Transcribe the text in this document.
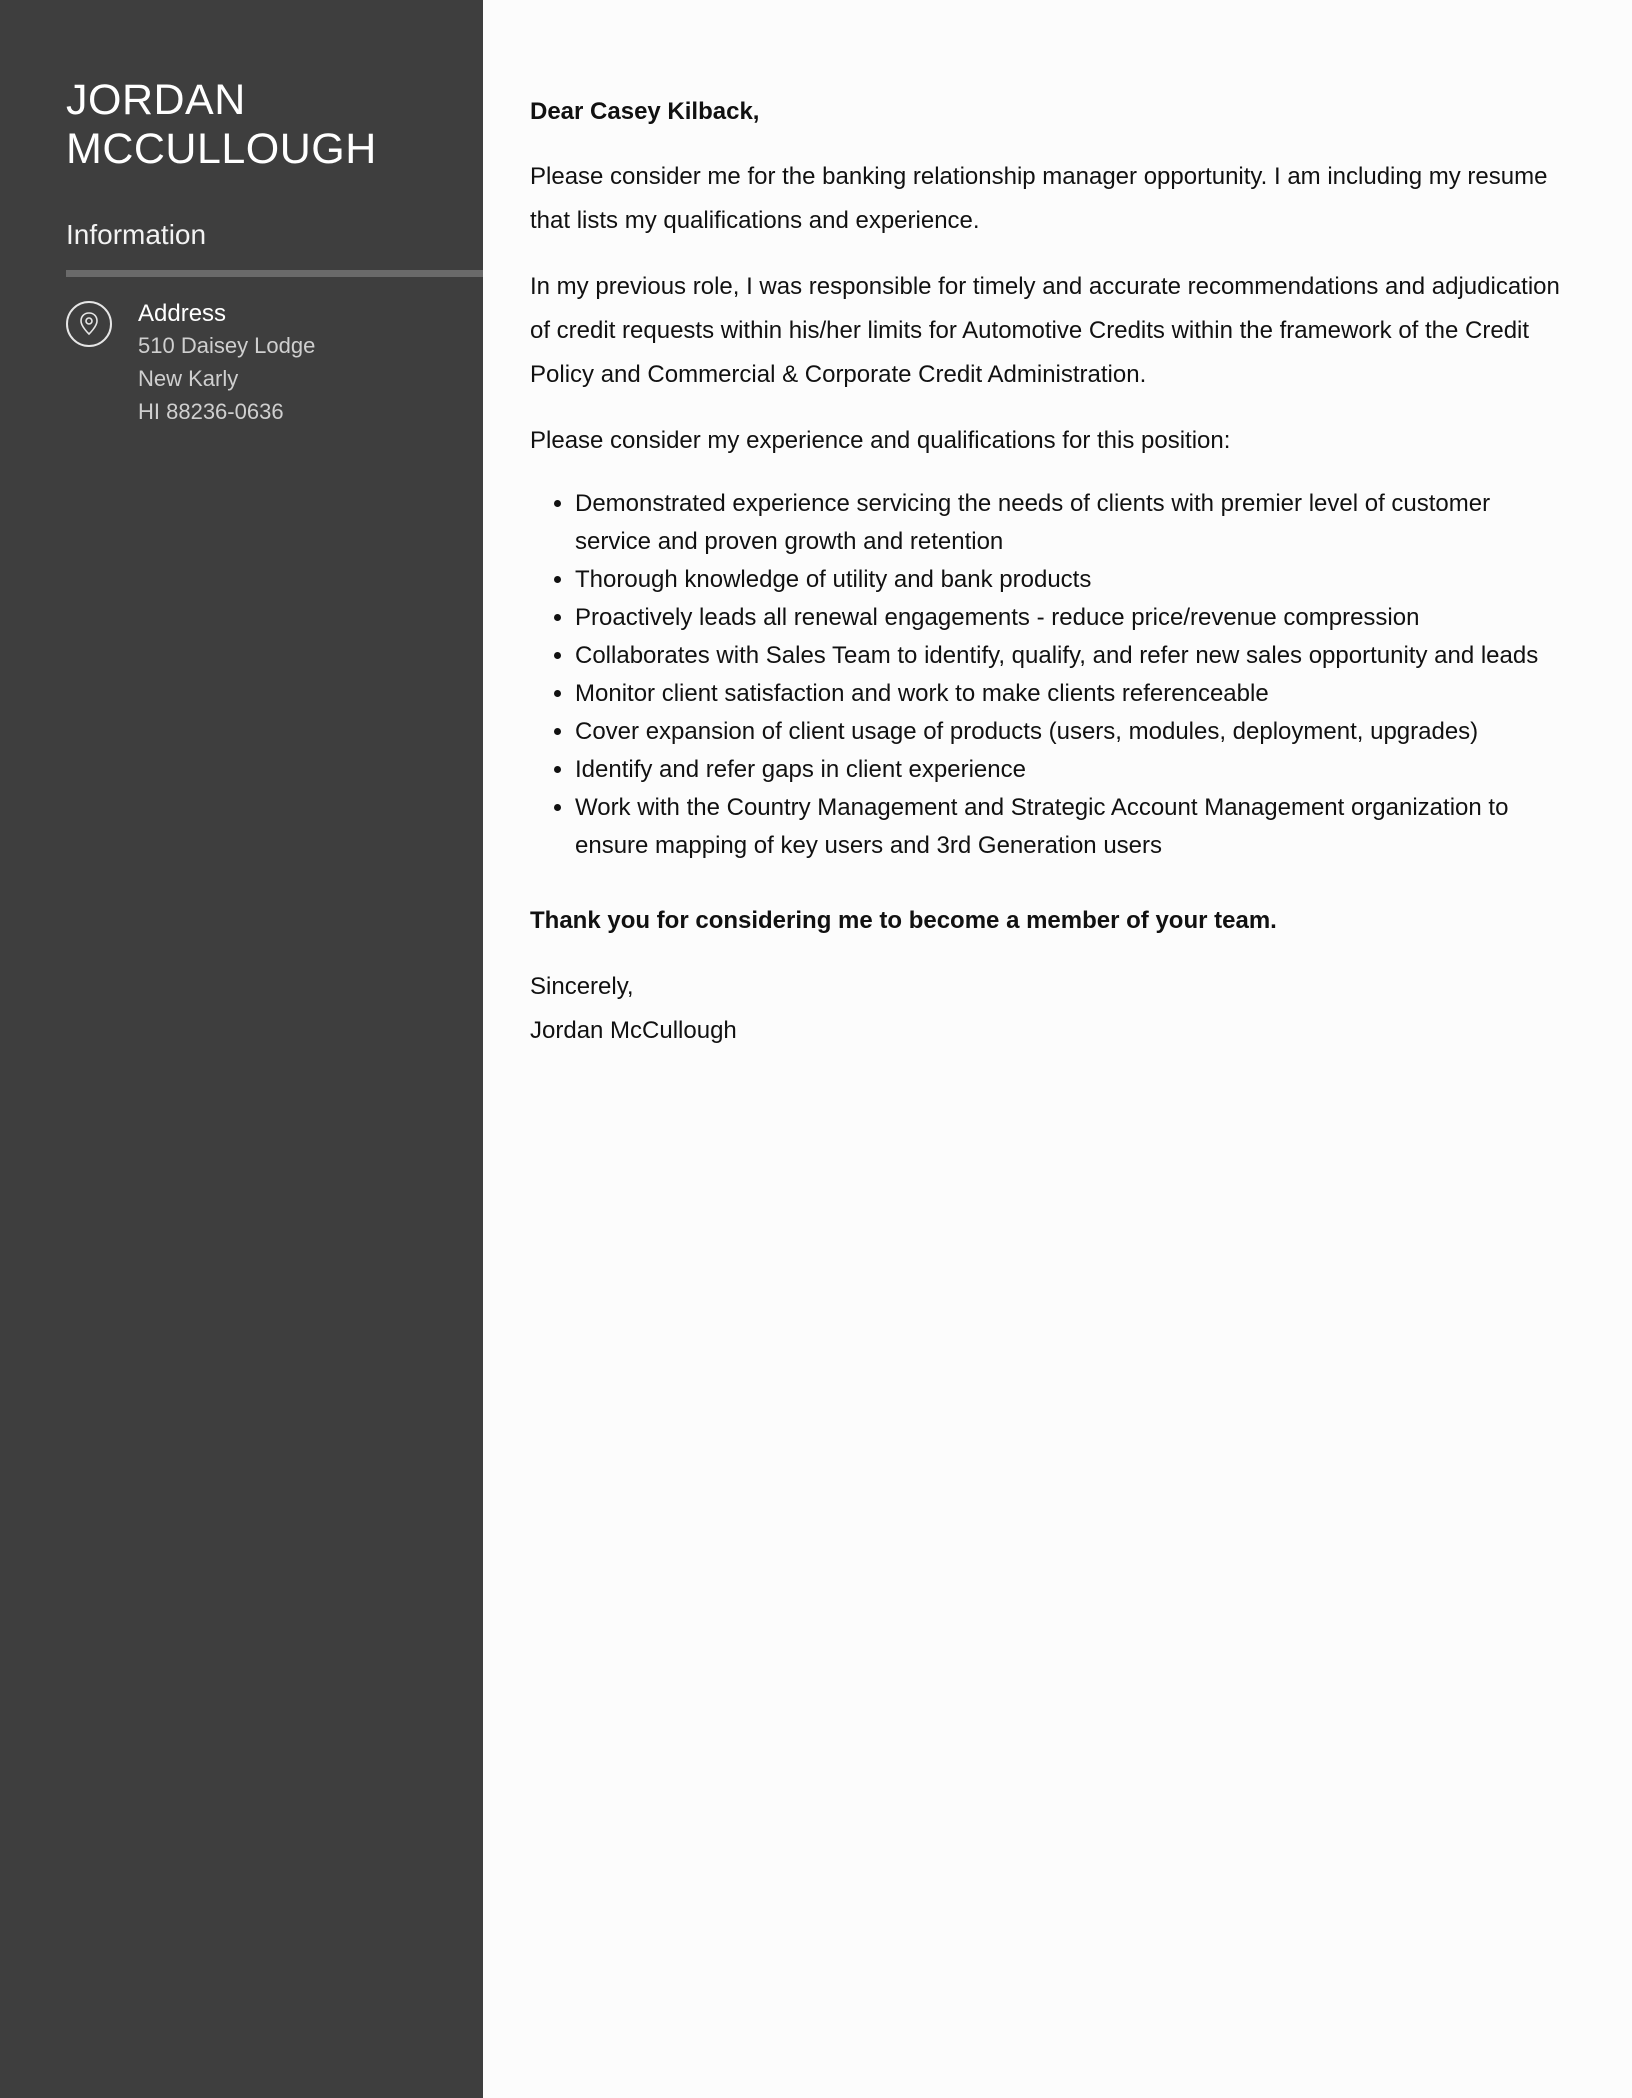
JORDAN
MCCULLOUGH
Information
Address
510 Daisey Lodge
New Karly
HI 88236-0636

Dear Casey Kilback,

Please consider me for the banking relationship manager opportunity. I am including my resume that lists my qualifications and experience.

In my previous role, I was responsible for timely and accurate recommendations and adjudication of credit requests within his/her limits for Automotive Credits within the framework of the Credit Policy and Commercial & Corporate Credit Administration.

Please consider my experience and qualifications for this position:

• Demonstrated experience servicing the needs of clients with premier level of customer service and proven growth and retention
• Thorough knowledge of utility and bank products
• Proactively leads all renewal engagements - reduce price/revenue compression
• Collaborates with Sales Team to identify, qualify, and refer new sales opportunity and leads
• Monitor client satisfaction and work to make clients referenceable
• Cover expansion of client usage of products (users, modules, deployment, upgrades)
• Identify and refer gaps in client experience
• Work with the Country Management and Strategic Account Management organization to ensure mapping of key users and 3rd Generation users

Thank you for considering me to become a member of your team.

Sincerely,

Jordan McCullough
